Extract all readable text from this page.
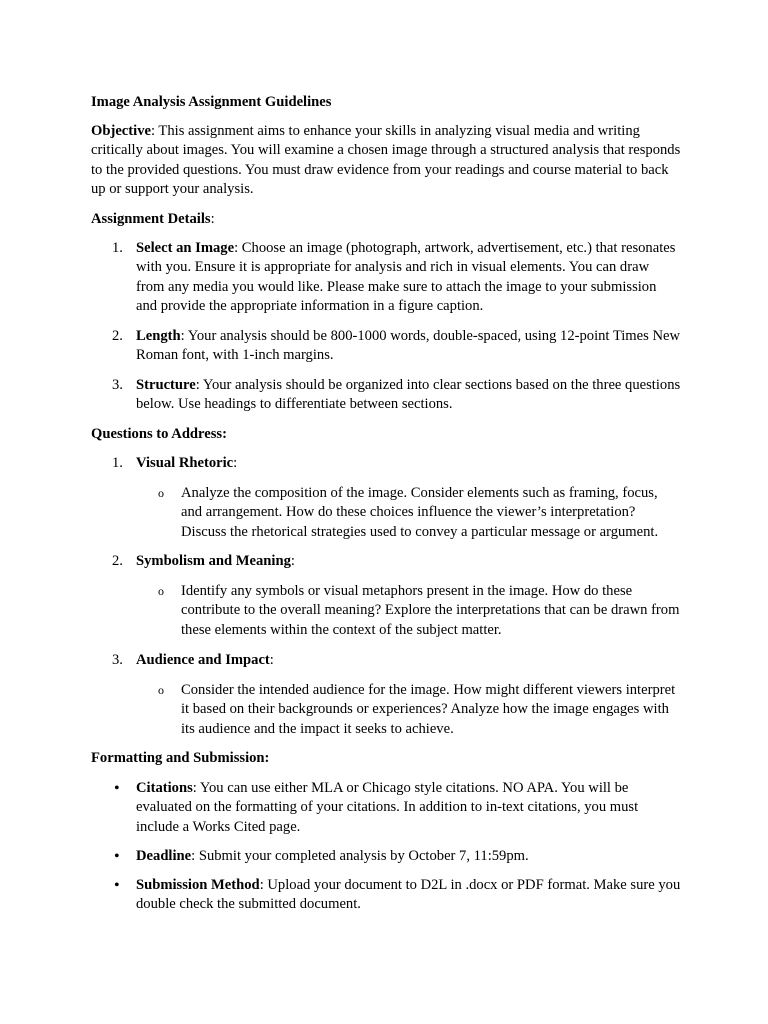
Image Analysis Assignment Guidelines
Objective: This assignment aims to enhance your skills in analyzing visual media and writing critically about images. You will examine a chosen image through a structured analysis that responds to the provided questions. You must draw evidence from your readings and course material to back up or support your analysis.
Assignment Details:
1. Select an Image: Choose an image (photograph, artwork, advertisement, etc.) that resonates with you. Ensure it is appropriate for analysis and rich in visual elements. You can draw from any media you would like. Please make sure to attach the image to your submission and provide the appropriate information in a figure caption.
2. Length: Your analysis should be 800-1000 words, double-spaced, using 12-point Times New Roman font, with 1-inch margins.
3. Structure: Your analysis should be organized into clear sections based on the three questions below. Use headings to differentiate between sections.
Questions to Address:
1. Visual Rhetoric:
o Analyze the composition of the image. Consider elements such as framing, focus, and arrangement. How do these choices influence the viewer’s interpretation? Discuss the rhetorical strategies used to convey a particular message or argument.
2. Symbolism and Meaning:
o Identify any symbols or visual metaphors present in the image. How do these contribute to the overall meaning? Explore the interpretations that can be drawn from these elements within the context of the subject matter.
3. Audience and Impact:
o Consider the intended audience for the image. How might different viewers interpret it based on their backgrounds or experiences? Analyze how the image engages with its audience and the impact it seeks to achieve.
Formatting and Submission:
• Citations: You can use either MLA or Chicago style citations. NO APA. You will be evaluated on the formatting of your citations. In addition to in-text citations, you must include a Works Cited page.
• Deadline: Submit your completed analysis by October 7, 11:59pm.
• Submission Method: Upload your document to D2L in .docx or PDF format. Make sure you double check the submitted document.
